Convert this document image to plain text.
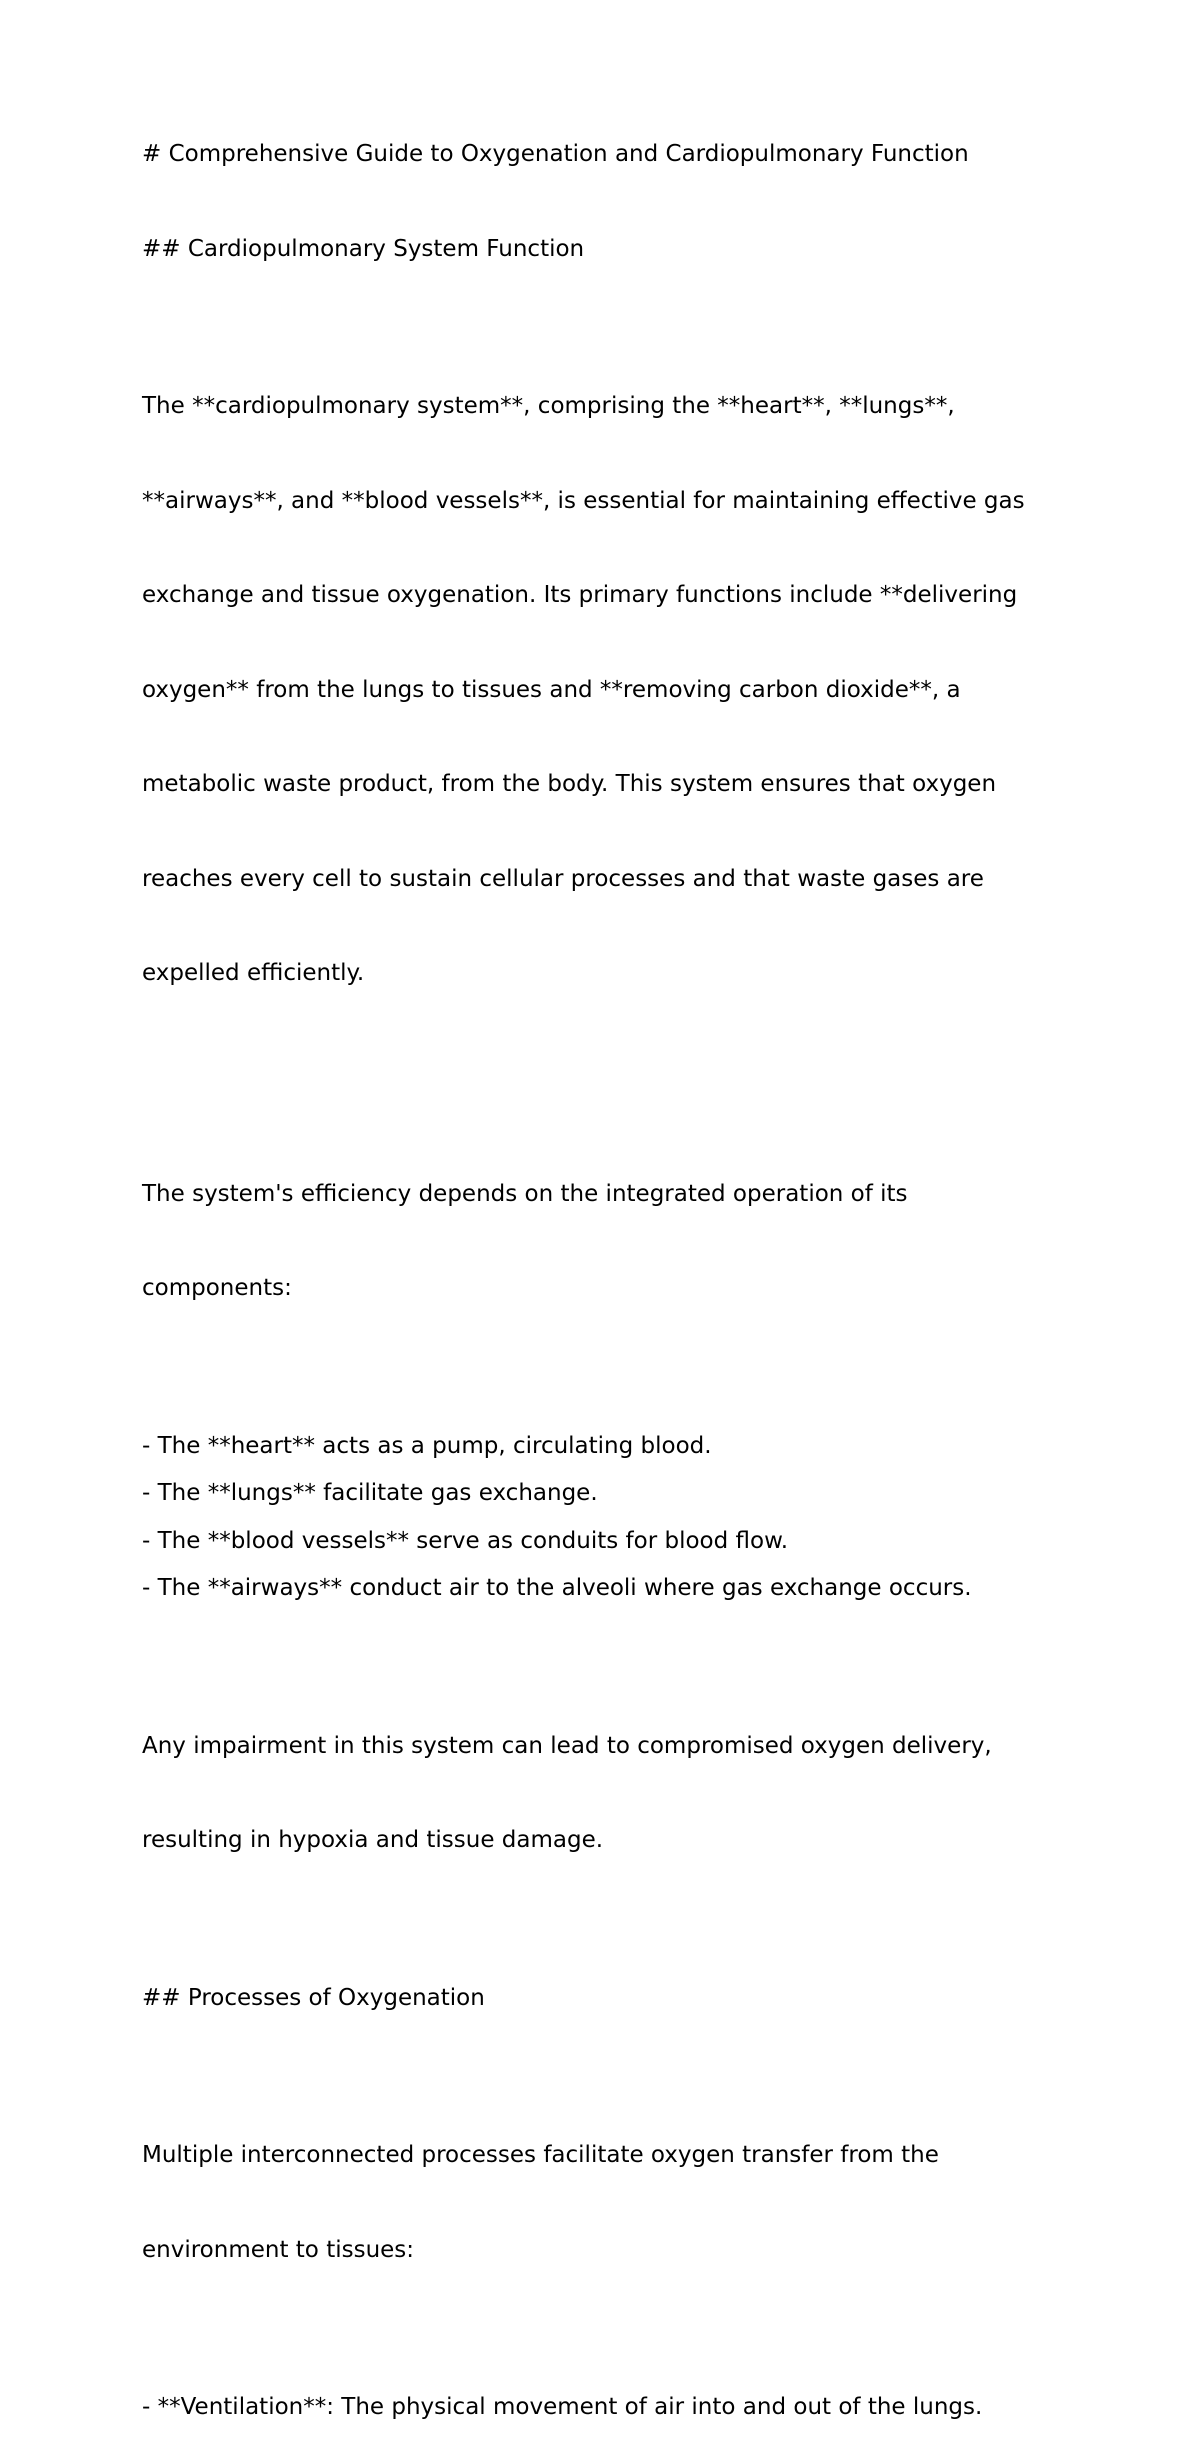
# Comprehensive Guide to Oxygenation and Cardiopulmonary Function

## Cardiopulmonary System Function

The **cardiopulmonary system**, comprising the **heart**, **lungs**,

**airways**, and **blood vessels**, is essential for maintaining effective gas

exchange and tissue oxygenation. Its primary functions include **delivering

oxygen** from the lungs to tissues and **removing carbon dioxide**, a

metabolic waste product, from the body. This system ensures that oxygen

reaches every cell to sustain cellular processes and that waste gases are

expelled efficiently.

The system's efficiency depends on the integrated operation of its

components:

- The **heart** acts as a pump, circulating blood.

- The **lungs** facilitate gas exchange.

- The **blood vessels** serve as conduits for blood flow.

- The **airways** conduct air to the alveoli where gas exchange occurs.

Any impairment in this system can lead to compromised oxygen delivery,

resulting in hypoxia and tissue damage.

## Processes of Oxygenation

Multiple interconnected processes facilitate oxygen transfer from the

environment to tissues:

- **Ventilation**: The physical movement of air into and out of the lungs.
